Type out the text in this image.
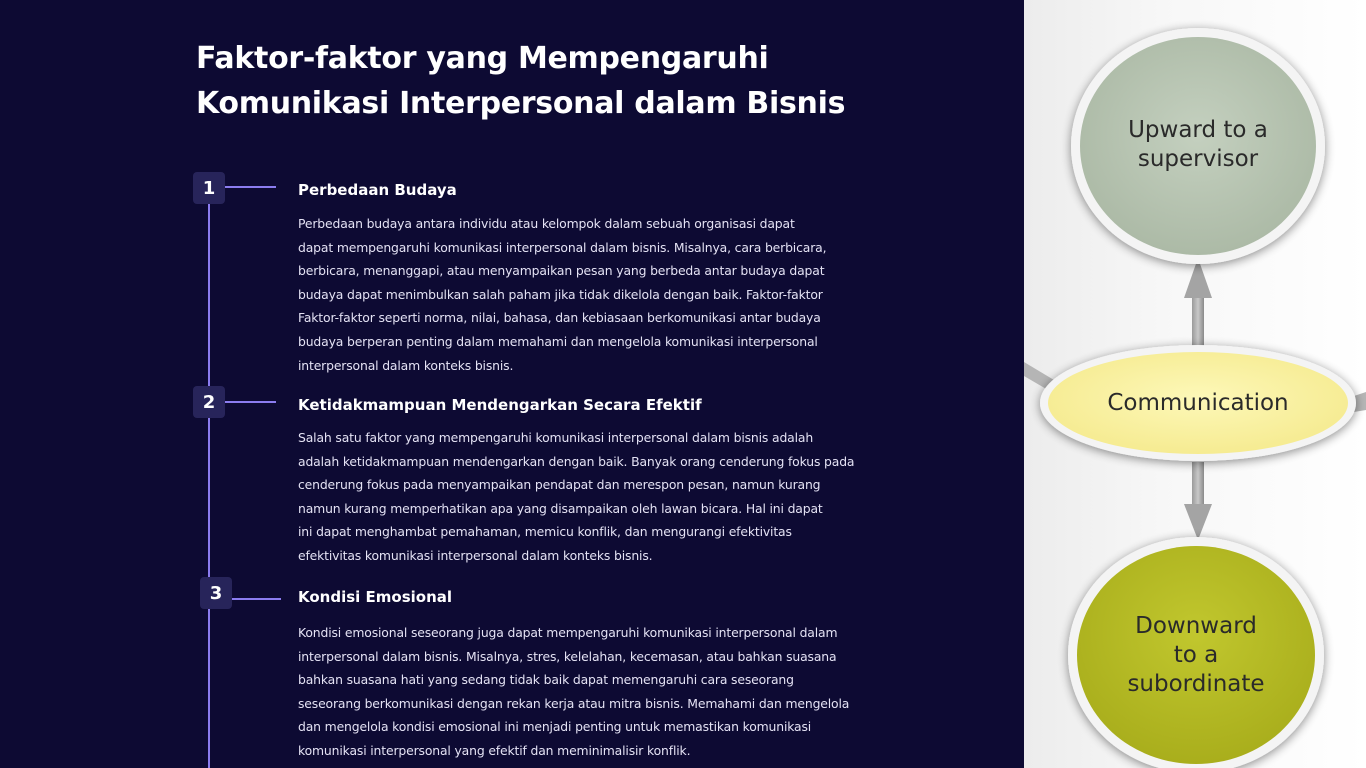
Faktor-faktor yang Mempengaruhi
Komunikasi Interpersonal dalam Bisnis
1	Perbedaan Budaya
Perbedaan budaya antara individu atau kelompok dalam sebuah organisasi dapat
dapat mempengaruhi komunikasi interpersonal dalam bisnis. Misalnya, cara berbicara,
berbicara, menanggapi, atau menyampaikan pesan yang berbeda antar budaya dapat
budaya dapat menimbulkan salah paham jika tidak dikelola dengan baik. Faktor-faktor
Faktor-faktor seperti norma, nilai, bahasa, dan kebiasaan berkomunikasi antar budaya
budaya berperan penting dalam memahami dan mengelola komunikasi interpersonal
interpersonal dalam konteks bisnis.
2	Ketidakmampuan Mendengarkan Secara Efektif
Salah satu faktor yang mempengaruhi komunikasi interpersonal dalam bisnis adalah
adalah ketidakmampuan mendengarkan dengan baik. Banyak orang cenderung fokus pada
cenderung fokus pada menyampaikan pendapat dan merespon pesan, namun kurang
namun kurang memperhatikan apa yang disampaikan oleh lawan bicara. Hal ini dapat
ini dapat menghambat pemahaman, memicu konflik, dan mengurangi efektivitas
efektivitas komunikasi interpersonal dalam konteks bisnis.
3	Kondisi Emosional
Kondisi emosional seseorang juga dapat mempengaruhi komunikasi interpersonal dalam
interpersonal dalam bisnis. Misalnya, stres, kelelahan, kecemasan, atau bahkan suasana
bahkan suasana hati yang sedang tidak baik dapat memengaruhi cara seseorang
seseorang berkomunikasi dengan rekan kerja atau mitra bisnis. Memahami dan mengelola
dan mengelola kondisi emosional ini menjadi penting untuk memastikan komunikasi
komunikasi interpersonal yang efektif dan meminimalisir konflik.
Upward to a
supervisor
Communication
Downward
to a
subordinate
